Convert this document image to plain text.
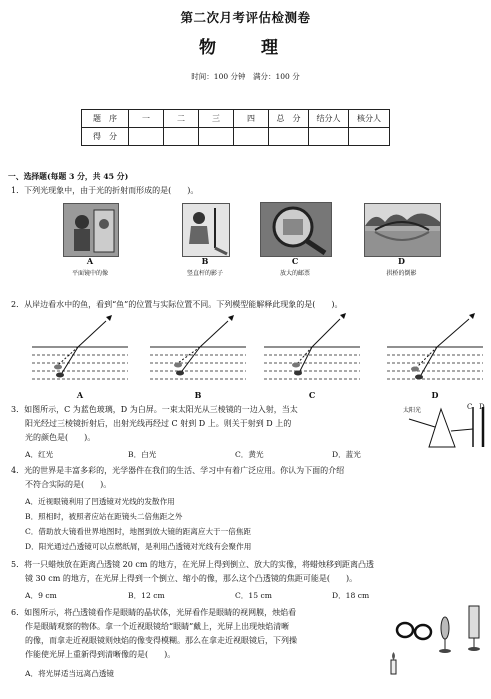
第二次月考评估检测卷
物　理
时间：100 分钟　满分：100 分
题　序	一	二	三	四	总　分	结分人	核分人
得　分							
一、选择题(每题 3 分，共 45 分)
1．下列光现象中，由于光的折射而形成的是(　　)。
A
平面镜中的像
B
竖直杆的影子
C
放大的邮票
D
拱桥的倒影
2．从岸边看水中的鱼，看到“鱼”的位置与实际位置不同。下列模型能解释此现象的是(　　)。
A	B	C	D
3．如图所示，C 为蓝色玻璃，D 为白屏。一束太阳光从三棱镜的一边入射，当太
阳光经过三棱镜折射后，出射光线再经过 C 射到 D 上。则关于射到 D 上的
光的颜色是(　　)。
A．红光	B．白光	C．黄光	D．蓝光
太阳光	C D
4．光的世界是丰富多彩的，光学器件在我们的生活、学习中有着广泛应用。你认为下面的介绍
不符合实际的是(　　)。
A．近视眼镜利用了凹透镜对光线的发散作用
B．照相时，被照者应站在距镜头二倍焦距之外
C．借助放大镜看世界地图时，地图到放大镜的距离应大于一倍焦距
D．阳光通过凸透镜可以点燃纸屑，是利用凸透镜对光线有会聚作用
5．将一只蜡烛放在距离凸透镜 20 cm 的地方，在光屏上得到倒立、放大的实像，将蜡烛移到距离凸透
镜 30 cm 的地方，在光屏上得到一个倒立、缩小的像，那么这个凸透镜的焦距可能是(　　)。
A．9 cm	B．12 cm	C．15 cm	D．18 cm
6．如图所示，将凸透镜看作是眼睛的晶状体，光屏看作是眼睛的视网膜，烛焰看
作是眼睛观察的物体。拿一个近视眼镜给“眼睛”戴上，光屏上出现烛焰清晰
的像，而拿走近视眼镜则烛焰的像变得模糊。那么在拿走近视眼镜后，下列操
作能使光屏上重新得到清晰像的是(　　)。
A．将光屏适当远离凸透镜
